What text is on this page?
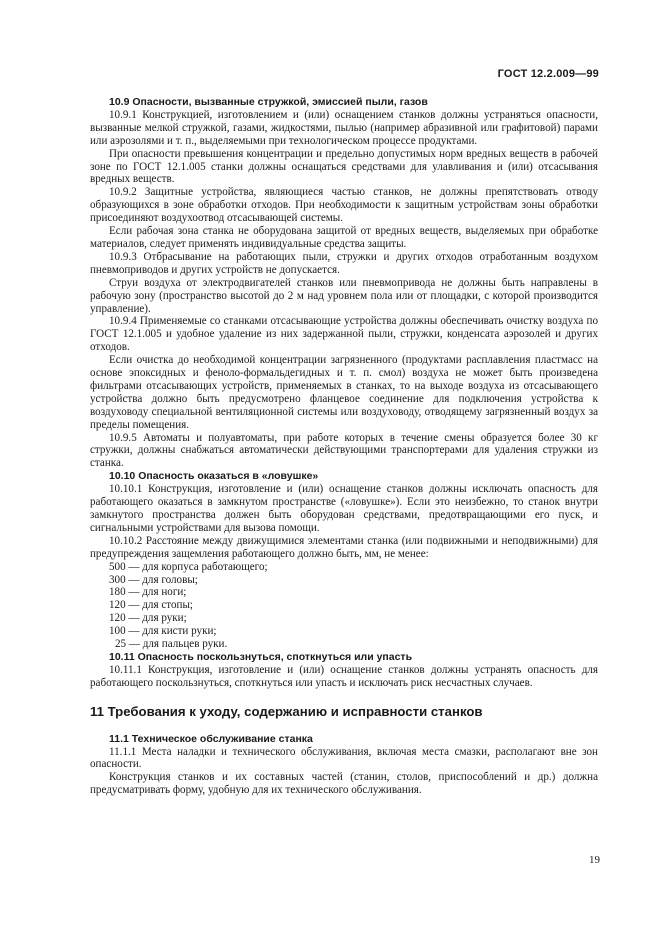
ГОСТ 12.2.009—99

10.9 Опасности, вызванные стружкой, эмиссией пыли, газов

10.9.1 Конструкцией, изготовлением и (или) оснащением станков должны устраняться опасности, вызванные мелкой стружкой, газами, жидкостями, пылью (например абразивной или графитовой) парами или аэрозолями и т. п., выделяемыми при технологическом процессе продуктами.

При опасности превышения концентрации и предельно допустимых норм вредных веществ в рабочей зоне по ГОСТ 12.1.005 станки должны оснащаться средствами для улавливания и (или) отсасывания вредных веществ.

10.9.2 Защитные устройства, являющиеся частью станков, не должны препятствовать отводу образующихся в зоне обработки отходов. При необходимости к защитным устройствам зоны обработки присоединяют воздухоотвод отсасывающей системы.

Если рабочая зона станка не оборудована защитой от вредных веществ, выделяемых при обработке материалов, следует применять индивидуальные средства защиты.

10.9.3 Отбрасывание на работающих пыли, стружки и других отходов отработанным воздухом пневмоприводов и других устройств не допускается.

Струи воздуха от электродвигателей станков или пневмопривода не должны быть направлены в рабочую зону (пространство высотой до 2 м над уровнем пола или от площадки, с которой производится управление).

10.9.4 Применяемые со станками отсасывающие устройства должны обеспечивать очистку воздуха по ГОСТ 12.1.005 и удобное удаление из них задержанной пыли, стружки, конденсата аэрозолей и других отходов.

Если очистка до необходимой концентрации загрязненного (продуктами расплавления пластмасс на основе эпоксидных и феноло-формальдегидных и т. п. смол) воздуха не может быть произведена фильтрами отсасывающих устройств, применяемых в станках, то на выходе воздуха из отсасывающего устройства должно быть предусмотрено фланцевое соединение для подключения устройства к воздуховоду специальной вентиляционной системы или воздуховоду, отводящему загрязненный воздух за пределы помещения.

10.9.5 Автоматы и полуавтоматы, при работе которых в течение смены образуется более 30 кг стружки, должны снабжаться автоматически действующими транспортерами для удаления стружки из станка.

10.10 Опасность оказаться в «ловушке»

10.10.1 Конструкция, изготовление и (или) оснащение станков должны исключать опасность для работающего оказаться в замкнутом пространстве («ловушке»). Если это неизбежно, то станок внутри замкнутого пространства должен быть оборудован средствами, предотвращающими его пуск, и сигнальными устройствами для вызова помощи.

10.10.2 Расстояние между движущимися элементами станка (или подвижными и неподвижными) для предупреждения защемления работающего должно быть, мм, не менее:

500 — для корпуса работающего;

300 — для головы;

180 — для ноги;

120 — для стопы;

120 — для руки;

100 — для кисти руки;

25 — для пальцев руки.

10.11 Опасность поскользнуться, споткнуться или упасть

10.11.1 Конструкция, изготовление и (или) оснащение станков должны устранять опасность для работающего поскользнуться, споткнуться или упасть и исключать риск несчастных случаев.

11 Требования к уходу, содержанию и исправности станков

11.1 Техническое обслуживание станка

11.1.1 Места наладки и технического обслуживания, включая места смазки, располагают вне зон опасности.

Конструкция станков и их составных частей (станин, столов, приспособлений и др.) должна предусматривать форму, удобную для их технического обслуживания.

19
